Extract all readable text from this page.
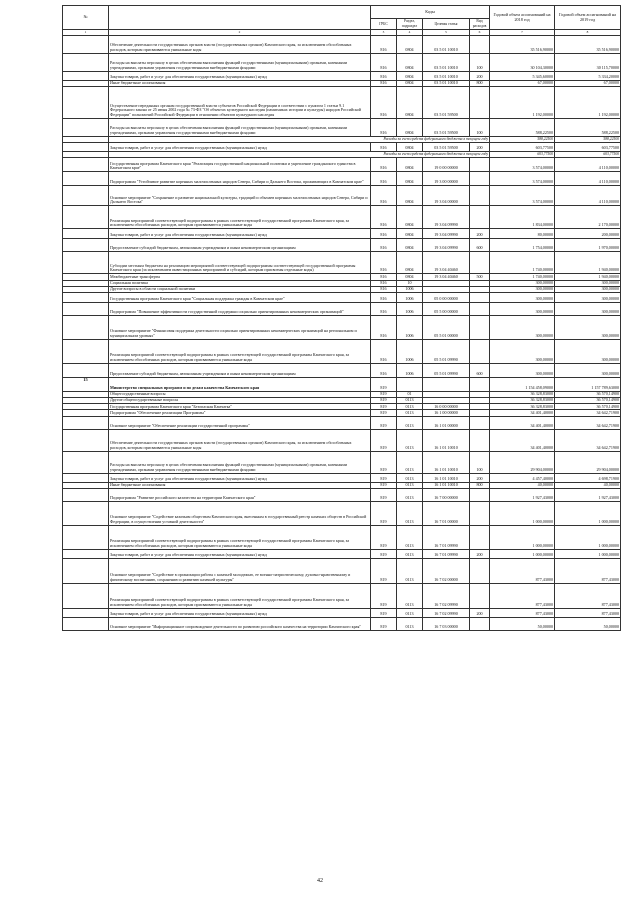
№		Коды				Годовой объем ассигнований на 2018 год	Годовой объем ассигнований на 2019 год
		ГРБС	Раздел, подраздел	Целевая статья	Вид расходов		
1	2	3	4	5	6	7	8
	Обеспечение деятельности государственных органов власти (государственных органов) Камчатского края, за исключением обособленных расходов, которым присваиваются уникальные коды	816	0804	03 5 01 10010		35 516,90000	35 516,90000
	Расходы на выплаты персоналу в целях обеспечения выполнения функций государственными (муниципальными) органами, казенными учреждениями, органами управления государственными внебюджетными фондами	816	0804	03 5 01 10010	100	30 104,30000	30 115,70000
	Закупка товаров, работ и услуг для обеспечения государственных (муниципальных) нужд	816	0804	03 5 01 10010	200	5 345,60000	5 334,20000
	Иные бюджетные ассигнования	816	0804	03 5 01 10010	800	67,00000	67,00000
	Осуществление переданных органам государственной власти субъектов Российской Федерации в соответствии с пунктом 1 статьи 9.1 Федерального закона от 25 июня 2002 года № 73-ФЗ "Об объектах культурного наследия (памятниках истории и культуры) народов Российской Федерации" полномочий Российской Федерации в отношении объектов культурного наследия	816	0804	03 5 01 59500		1 192,00000	1 192,00000
	Расходы на выплаты персоналу в целях обеспечения выполнения функций государственными (муниципальными) органами, казенными учреждениями, органами управления государственными внебюджетными фондами	816	0804	03 5 01 59500	100	588,22500	588,22500
	Расходы за счет средств федерального бюджета в текущем году					588,22500	588,22500
	Закупка товаров, работ и услуг для обеспечения государственных (муниципальных) нужд	816	0804	03 5 01 59500	200	603,77500	603,77500
	Расходы за счет средств федерального бюджета в текущем году					603,77500	603,77500
	Государственная программа Камчатского края "Реализация государственной национальной политики и укрепление гражданского единства в Камчатском крае"	816	0804	19 0 00 00000		3 574,00000	4 110,00000
	Подпрограмма "Устойчивое развитие коренных малочисленных народов Севера, Сибири и Дальнего Востока, проживающих в Камчатском крае"	816	0804	19 3 00 00000		3 574,00000	4 110,00000
	Основное мероприятие "Сохранение и развитие национальной культуры, традиций и обычаев коренных малочисленных народов Севера, Сибири и Дальнего Востока"	816	0804	19 3 04 00000		3 574,00000	4 110,00000
	Реализация мероприятий соответствующей подпрограммы в рамках соответствующей государственной программы Камчатского края, за исключением обособленных расходов, которым присваиваются уникальные коды	816	0804	19 3 04 09990		1 834,00000	2 170,00000
	Закупка товаров, работ и услуг для обеспечения государственных (муниципальных) нужд	816	0804	19 3 04 09990	200	80,00000	200,00000
	Предоставление субсидий бюджетным, автономным учреждениям и иным некоммерческим организациям	816	0804	19 3 04 09990	600	1 754,00000	1 970,00000
	Субсидии местным бюджетам на реализацию мероприятий соответствующей подпрограммы соответствующей государственной программы Камчатского края (за исключением инвестиционных мероприятий и субсидий, которым присвоены отдельные коды)	816	0804	19 3 04 40460		1 740,00000	1 940,00000
	Межбюджетные трансферты	816	0804	19 3 04 40460	500	1 740,00000	1 940,00000
	Социальная политика	816	10			300,00000	300,00000
	Другие вопросы в области социальной политики	816	1006			300,00000	300,00000
	Государственная программа Камчатского края "Социальная поддержка граждан в Камчатском крае"	816	1006	05 0 00 00000		300,00000	300,00000
	Подпрограмма "Повышение эффективности государственной поддержки социально ориентированных некоммерческих организаций"	816	1006	05 5 00 00000		300,00000	300,00000
	Основное мероприятие "Финансовая поддержка деятельности социально ориентированных некоммерческих организаций на региональном и муниципальном уровнях"	816	1006	05 5 01 00000		300,00000	300,00000
	Реализация мероприятий соответствующей подпрограммы в рамках соответствующей государственной программы Камчатского края, за исключением обособленных расходов, которым присваиваются уникальные коды	816	1006	05 5 01 09990		300,00000	300,00000
	Предоставление субсидий бюджетным, автономным учреждениям и иным некоммерческим организациям	816	1006	05 5 01 09990	600	300,00000	300,00000
15	Министерство специальных программ и по делам казачества Камчатского края	819				1 154 458,09000	1 157 789,63000
	Общегосударственные вопросы	819	01			36 328,83000	36 570,14900
	Другие общегосударственные вопросы	819	0113			36 328,83000	36 570,14900
	Государственная программа Камчатского края "Безопасная Камчатка"	819	0113	16 0 00 00000		36 328,83000	36 570,14900
	Подпрограмма "Обеспечение реализации Программы"	819	0113	16 1 00 00000		34 401,40000	34 642,71900
	Основное мероприятие "Обеспечение реализации государственной программы"	819	0113	16 1 01 00000		34 401,40000	34 642,71900
	Обеспечение деятельности государственных органов власти (государственных органов) Камчатского края, за исключением обособленных расходов, которым присваиваются уникальные коды	819	0113	16 1 01 10010		34 401,40000	34 642,71900
	Расходы на выплаты персоналу в целях обеспечения выполнения функций государственными (муниципальными) органами, казенными учреждениями, органами управления государственными внебюджетными фондами	819	0113	16 1 01 10010	100	29 904,00000	29 904,00000
	Закупка товаров, работ и услуг для обеспечения государственных (муниципальных) нужд	819	0113	16 1 01 10010	200	4 457,40000	4 698,71900
	Иные бюджетные ассигнования	819	0113	16 1 01 10010	800	40,00000	40,00000
	Подпрограмма "Развитие российского казачества на территории Камчатского края"	819	0113	16 7 00 00000		1 927,43000	1 927,43000
	Основное мероприятие "Содействие казачьим обществам Камчатского края, внесенным в государственный реестр казачьих обществ в Российской Федерации, в осуществлении уставной деятельности"	819	0113	16 7 01 00000		1 000,00000	1 000,00000
	Реализация мероприятий соответствующей подпрограммы в рамках соответствующей государственной программы Камчатского края, за исключением обособленных расходов, которым присваиваются уникальные коды	819	0113	16 7 01 09990		1 000,00000	1 000,00000
	Закупка товаров, работ и услуг для обеспечения государственных (муниципальных) нужд	819	0113	16 7 01 09990	200	1 000,00000	1 000,00000
	Основное мероприятие "Содействие в организации работы с казачьей молодежью, ее военно-патриотическому, духовно-нравственному и физическому воспитанию, сохранению и развитию казачьей культуры"	819	0113	16 7 02 00000		877,43000	877,43000
	Реализация мероприятий соответствующей подпрограммы в рамках соответствующей государственной программы Камчатского края, за исключением обособленных расходов, которым присваиваются уникальные коды	819	0113	16 7 02 09990		877,43000	877,43000
	Закупка товаров, работ и услуг для обеспечения государственных (муниципальных) нужд	819	0113	16 7 02 09990	200	877,43000	877,43000
	Основное мероприятие "Информационное сопровождение деятельности по развитию российского казачества на территории Камчатского края"	819	0113	16 7 03 00000		50,00000	50,00000
42
